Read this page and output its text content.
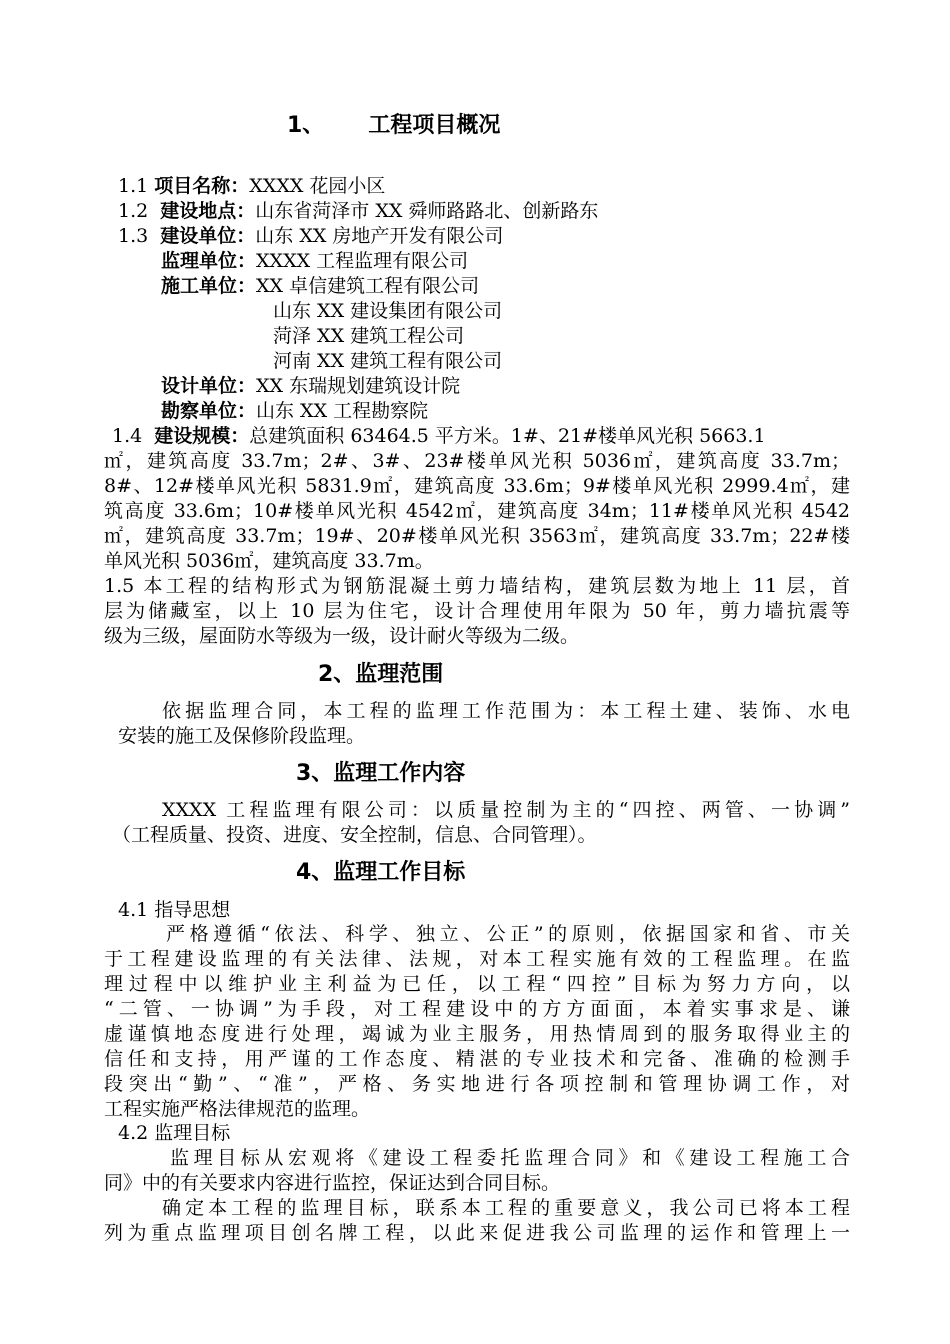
1、 工程项目概况
1.1 项目名称：XXXX 花园小区
1.2 建设地点：山东省菏泽市 XX 舜师路路北、创新路东
1.3 建设单位：山东 XX 房地产开发有限公司
监理单位：XXXX 工程监理有限公司
施工单位：XX 卓信建筑工程有限公司
山东 XX 建设集团有限公司
菏泽 XX 建筑工程公司
河南 XX 建筑工程有限公司
设计单位：XX 东瑞规划建筑设计院
勘察单位：山东 XX 工程勘察院
1.4 建设规模：总建筑面积 63464.5 平方米。1#、21#楼单风光积 5663.1
㎡，建筑高度 33.7m；2#、3#、23#楼单风光积 5036㎡，建筑高度 33.7m；
8#、12#楼单风光积 5831.9㎡，建筑高度 33.6m；9#楼单风光积 2999.4㎡，建
筑高度 33.6m；10#楼单风光积 4542㎡，建筑高度 34m；11#楼单风光积 4542
㎡，建筑高度 33.7m；19#、20#楼单风光积 3563㎡，建筑高度 33.7m；22#楼
单风光积 5036㎡，建筑高度 33.7m。
1.5 本工程的结构形式为钢筋混凝土剪力墙结构，建筑层数为地上 11 层，首
层为储藏室，以上 10 层为住宅，设计合理使用年限为 50 年，剪力墙抗震等
级为三级，屋面防水等级为一级，设计耐火等级为二级。
2、监理范围
依据监理合同，本工程的监理工作范围为：本工程土建、装饰、水电
安装的施工及保修阶段监理。
3、监理工作内容
XXXX 工程监理有限公司：以质量控制为主的“四控、两管、一协调”
（工程质量、投资、进度、安全控制，信息、合同管理）。
4、监理工作目标
4.1 指导思想
严格遵循“依法、科学、独立、公正”的原则，依据国家和省、市关
于工程建设监理的有关法律、法规，对本工程实施有效的工程监理。在监
理过程中以维护业主利益为已任，以工程“四控”目标为努力方向，以
“二管、一协调”为手段，对工程建设中的方方面面，本着实事求是、谦
虚谨慎地态度进行处理，竭诚为业主服务，用热情周到的服务取得业主的
信任和支持，用严谨的工作态度、精湛的专业技术和完备、准确的检测手
段突出“勤”、“准”，严格、务实地进行各项控制和管理协调工作，对
工程实施严格法律规范的监理。
4.2 监理目标
监理目标从宏观将《建设工程委托监理合同》和《建设工程施工合
同》中的有关要求内容进行监控，保证达到合同目标。
确定本工程的监理目标，联系本工程的重要意义，我公司已将本工程
列为重点监理项目创名牌工程，以此来促进我公司监理的运作和管理上一
